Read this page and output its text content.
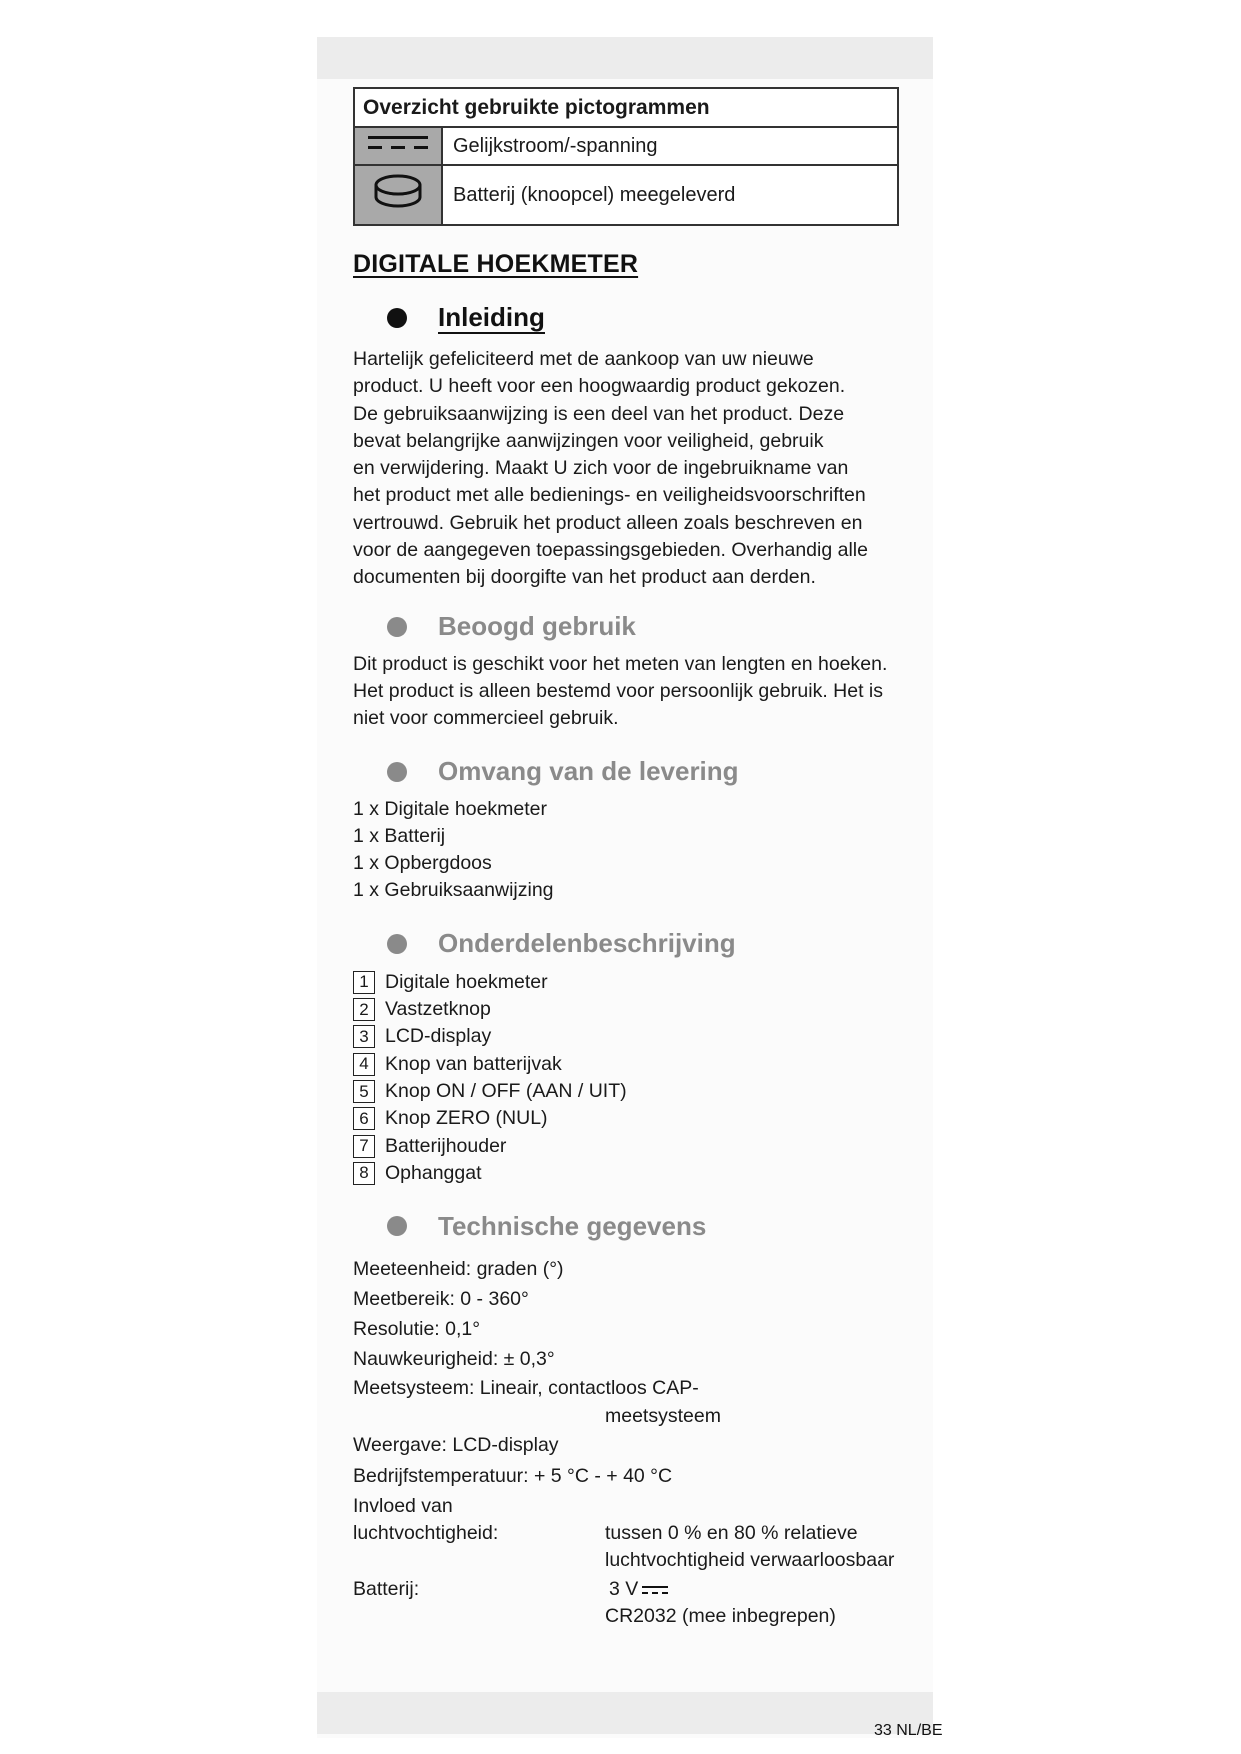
Overzicht gebruikte pictogrammen	
	Gelijkstroom/-spanning
	Batterij (knoopcel) meegeleverd
DIGITALE HOEKMETER
Inleiding

Hartelijk gefeliciteerd met de aankoop van uw nieuwe
product. U heeft voor een hoogwaardig product gekozen.
De gebruiksaanwijzing is een deel van het product. Deze
bevat belangrijke aanwijzingen voor veiligheid, gebruik
en verwijdering. Maakt U zich voor de ingebruikname van
het product met alle bedienings- en veiligheidsvoorschriften
vertrouwd. Gebruik het product alleen zoals beschreven en
voor de aangegeven toepassingsgebieden. Overhandig alle
documenten bij doorgifte van het product aan derden.

Beoogd gebruik

Dit product is geschikt voor het meten van lengten en hoeken.
Het product is alleen bestemd voor persoonlijk gebruik. Het is
niet voor commercieel gebruik.

Omvang van de levering
1 x Digitale hoekmeter
1 x Batterij
1 x Opbergdoos
1 x Gebruiksaanwijzing
Onderdelenbeschrijving
1 Digitale hoekmeter
2 Vastzetknop
3 LCD-display
4 Knop van batterijvak
5 Knop ON / OFF (AAN / UIT)
6 Knop ZERO (NUL)
7 Batterijhouder
8 Ophanggat
Technische gegevens
Meeteenheid: graden (°)
Meetbereik: 0 - 360°
Resolutie: 0,1°
Nauwkeurigheid: ± 0,3°
Meetsysteem: Lineair, contactloos CAP-
meetsysteem
Weergave: LCD-display
Bedrijfstemperatuur: + 5 °C - + 40 °C
Invloed van
luchtvochtigheid:	tussen 0 % en 80 % relatieve
luchtvochtigheid verwaarloosbaar
Batterij:	3 V
CR2032 (mee inbegrepen)
33 NL/BE
